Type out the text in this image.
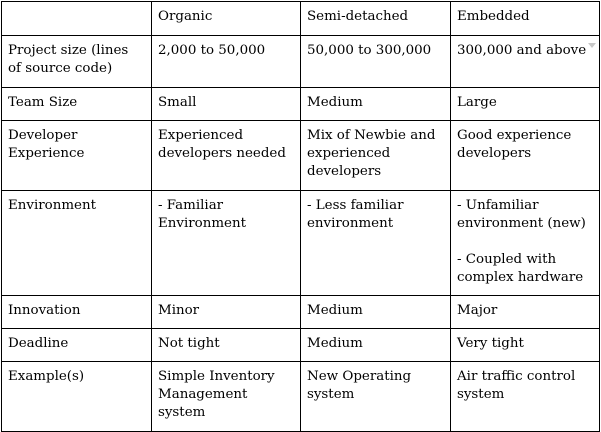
	Organic	Semi-detached	Embedded

Project size (lines of source code)	2,000 to 50,000	50,000 to 300,000	300,000 and above

Team Size	Small	Medium	Large

Developer Experience	Experienced developers needed	Mix of Newbie and experienced developers	Good experience developers

Environment	- Familiar Environment	- Less familiar environment	- Unfamiliar environment (new)

- Coupled with complex hardware

Innovation	Minor	Medium	Major

Deadline	Not tight	Medium	Very tight

Example(s)	Simple Inventory Management system	New Operating system	Air traffic control system
